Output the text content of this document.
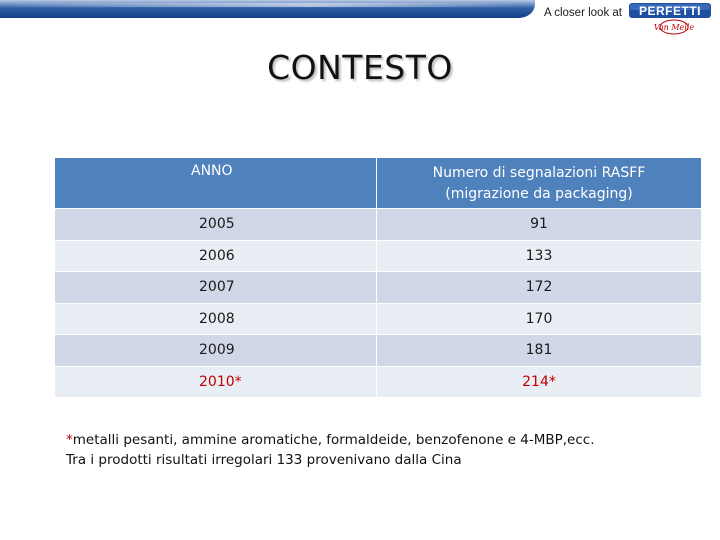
A closer look at PERFETTI
Van Melle
CONTESTO
ANNO	Numero di segnalazioni RASFF
(migrazione da packaging)

2005	91
2006	133
2007	172
2008	170
2009	181
2010*	214*
*metalli pesanti, ammine aromatiche, formaldeide, benzofenone e 4-MBP,ecc.
Tra i prodotti risultati irregolari 133 provenivano dalla Cina
